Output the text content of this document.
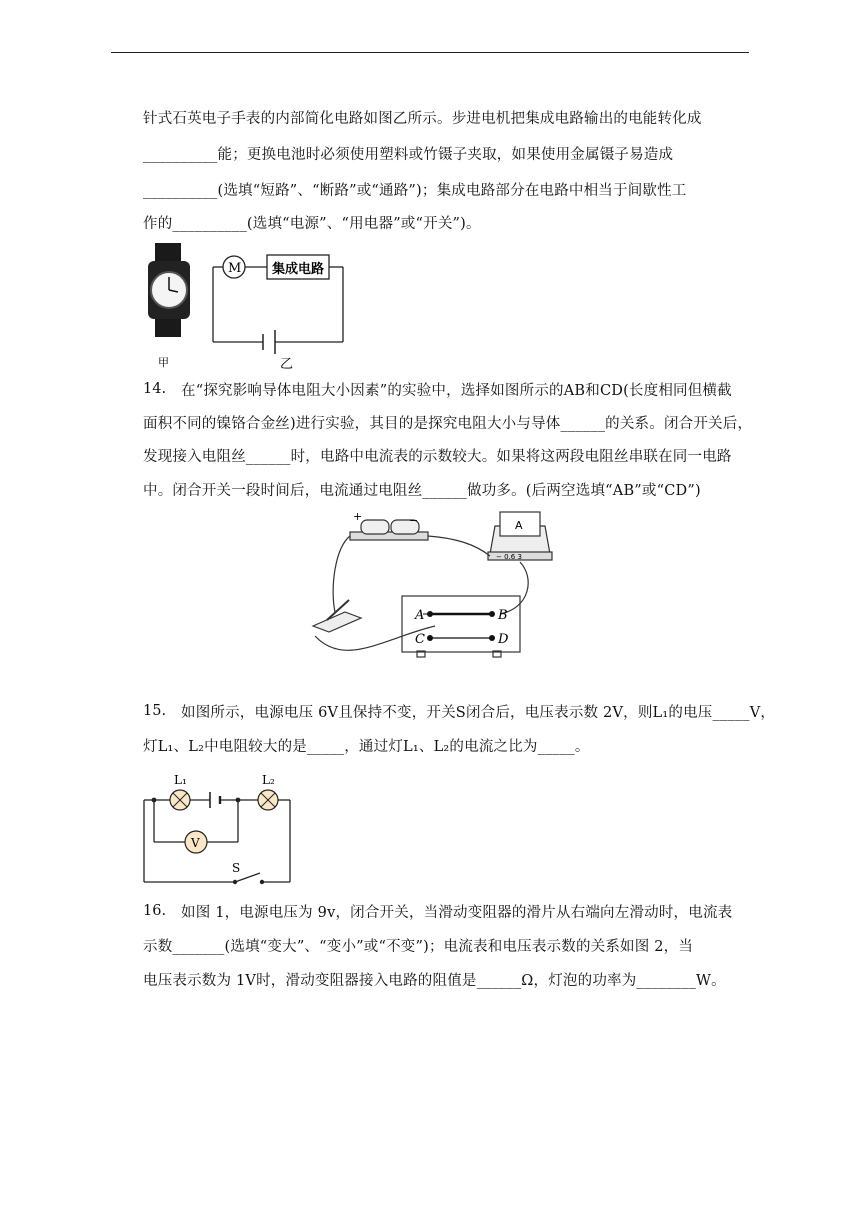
针式石英电子手表的内部简化电路如图乙所示。步进电机把集成电路输出的电能转化成
__________能；更换电池时必须使用塑料或竹镊子夹取，如果使用金属镊子易造成
__________(选填“短路”、“断路”或“通路”)；集成电路部分在电路中相当于间歇性工
作的__________(选填“电源”、“用电器”或“开关”)。
甲
M 集成电路
乙
14. 在“探究影响导体电阻大小因素”的实验中，选择如图所示的AB和CD(长度相同但横截
面积不同的镍铬合金丝)进行实验，其目的是探究电阻大小与导体______的关系。闭合开关后，
发现接入电阻丝______时，电路中电流表的示数较大。如果将这两段电阻丝串联在同一电路
中。闭合开关一段时间后，电流通过电阻丝______做功多。(后两空选填“AB”或“CD”)
+	−	A
− 0.6 3
A	B
C	D
15. 如图所示，电源电压 6V且保持不变，开关S闭合后，电压表示数 2V，则L₁的电压_____V，
灯L₁、L₂中电阻较大的是_____，通过灯L₁、L₂的电流之比为_____。
L₁	L₂
V
S
16. 如图 1，电源电压为 9v，闭合开关，当滑动变阻器的滑片从右端向左滑动时，电流表
示数_______(选填“变大”、“变小”或“不变”)；电流表和电压表示数的关系如图 2，当
电压表示数为 1V时，滑动变阻器接入电路的阻值是______Ω，灯泡的功率为________W。
